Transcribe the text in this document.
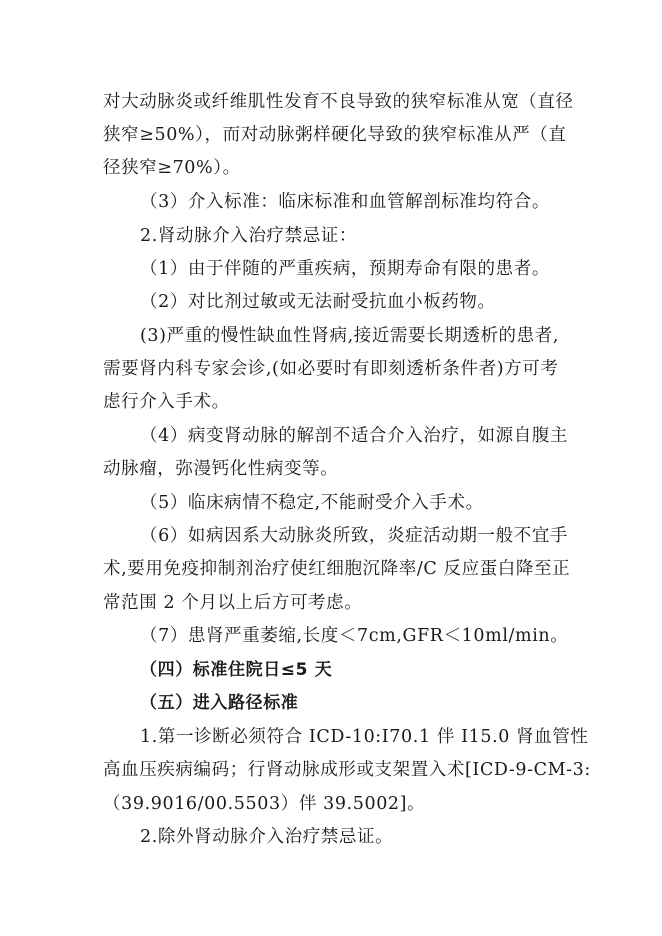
对大动脉炎或纤维肌性发育不良导致的狭窄标准从宽（直径
狭窄≥50%），而对动脉粥样硬化导致的狭窄标准从严（直
径狭窄≥70%）。
（3）介入标准：临床标准和血管解剖标准均符合。
2.肾动脉介入治疗禁忌证：
（1）由于伴随的严重疾病，预期寿命有限的患者。
（2）对比剂过敏或无法耐受抗血小板药物。
(3)严重的慢性缺血性肾病,接近需要长期透析的患者,
需要肾内科专家会诊,(如必要时有即刻透析条件者)方可考
虑行介入手术。
（4）病变肾动脉的解剖不适合介入治疗，如源自腹主
动脉瘤，弥漫钙化性病变等。
（5）临床病情不稳定,不能耐受介入手术。
（6）如病因系大动脉炎所致，炎症活动期一般不宜手
术,要用免疫抑制剂治疗使红细胞沉降率/C 反应蛋白降至正
常范围 2 个月以上后方可考虑。
（7）患肾严重萎缩,长度＜7cm,GFR＜10ml/min。
（四）标准住院日≤5 天
（五）进入路径标准
1.第一诊断必须符合 ICD-10:I70.1 伴 I15.0 肾血管性
高血压疾病编码；行肾动脉成形或支架置入术[ICD-9-CM-3:
（39.9016/00.5503）伴 39.5002]。
2.除外肾动脉介入治疗禁忌证。
